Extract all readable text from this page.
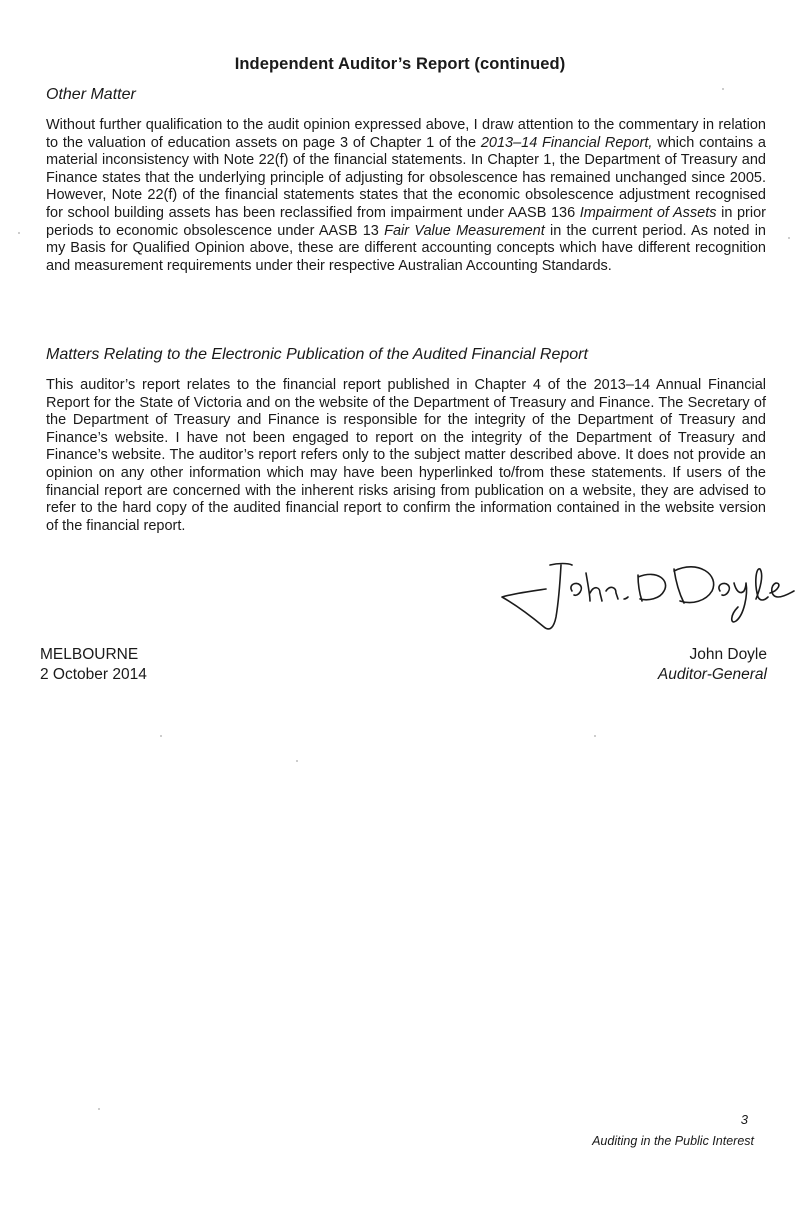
Independent Auditor’s Report (continued)
Other Matter

Without further qualification to the audit opinion expressed above, I draw attention to the commentary in relation to the valuation of education assets on page 3 of Chapter 1 of the 2013–14 Financial Report, which contains a material inconsistency with Note 22(f) of the financial statements. In Chapter 1, the Department of Treasury and Finance states that the underlying principle of adjusting for obsolescence has remained unchanged since 2005. However, Note 22(f) of the financial statements states that the economic obsolescence adjustment recognised for school building assets has been reclassified from impairment under AASB 136 Impairment of Assets in prior periods to economic obsolescence under AASB 13 Fair Value Measurement in the current period. As noted in my Basis for Qualified Opinion above, these are different accounting concepts which have different recognition and measurement requirements under their respective Australian Accounting Standards.

Matters Relating to the Electronic Publication of the Audited Financial Report

This auditor’s report relates to the financial report published in Chapter 4 of the 2013–14 Annual Financial Report for the State of Victoria and on the website of the Department of Treasury and Finance. The Secretary of the Department of Treasury and Finance is responsible for the integrity of the Department of Treasury and Finance’s website. I have not been engaged to report on the integrity of the Department of Treasury and Finance’s website. The auditor’s report refers only to the subject matter described above. It does not provide an opinion on any other information which may have been hyperlinked to/from these statements. If users of the financial report are concerned with the inherent risks arising from publication on a website, they are advised to refer to the hard copy of the audited financial report to confirm the information contained in the website version of the financial report.

MELBOURNE
2 October 2014
John Doyle
Auditor-General
3
Auditing in the Public Interest
